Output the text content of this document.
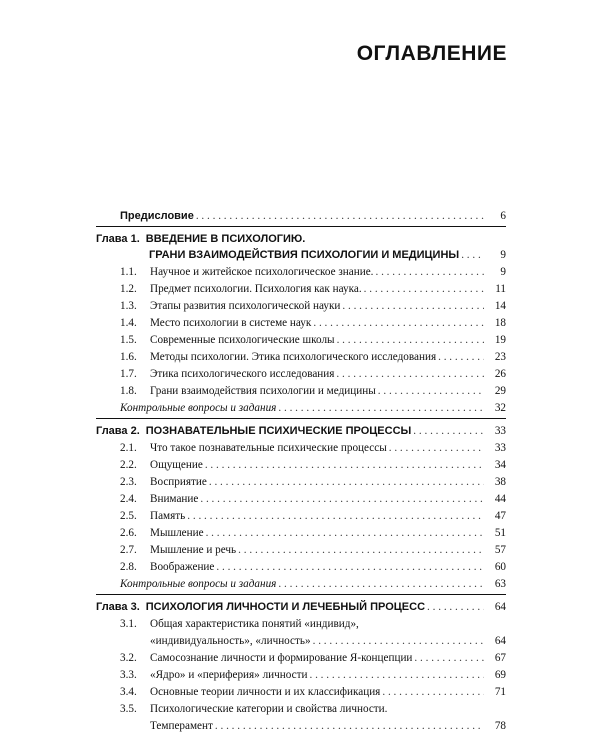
ОГЛАВЛЕНИЕ
Предисловие . . .	6
Глава 1. ВВЕДЕНИЕ В ПСИХОЛОГИЮ.
ГРАНИ ВЗАИМОДЕЙСТВИЯ ПСИХОЛОГИИ И МЕДИЦИНЫ . . .	9
1.1.	Научное и житейское психологическое знание. . . .	9
1.2.	Предмет психологии. Психология как наука. . . .	11
1.3.	Этапы развития психологической науки . . .	14
1.4.	Место психологии в системе наук . . .	18
1.5.	Современные психологические школы . . .	19
1.6.	Методы психологии. Этика психологического исследования . . .	23
1.7.	Этика психологического исследования . . .	26
1.8.	Грани взаимодействия психологии и медицины . . .	29
Контрольные вопросы и задания . . .	32
Глава 2. ПОЗНАВАТЕЛЬНЫЕ ПСИХИЧЕСКИЕ ПРОЦЕССЫ . . .	33
2.1.	Что такое познавательные психические процессы . . .	33
2.2.	Ощущение . . .	34
2.3.	Восприятие . . .	38
2.4.	Внимание . . .	44
2.5.	Память . . .	47
2.6.	Мышление . . .	51
2.7.	Мышление и речь . . .	57
2.8.	Воображение . . .	60
Контрольные вопросы и задания . . .	63
Глава 3. ПСИХОЛОГИЯ ЛИЧНОСТИ И ЛЕЧЕБНЫЙ ПРОЦЕСС . . .	64
3.1.	Общая характеристика понятий «индивид»,
«индивидуальность», «личность» . . .	64
3.2.	Самосознание личности и формирование Я-концепции . . .	67
3.3.	«Ядро» и «периферия» личности . . .	69
3.4.	Основные теории личности и их классификация . . .	71
3.5.	Психологические категории и свойства личности.
Темперамент . . .	78
